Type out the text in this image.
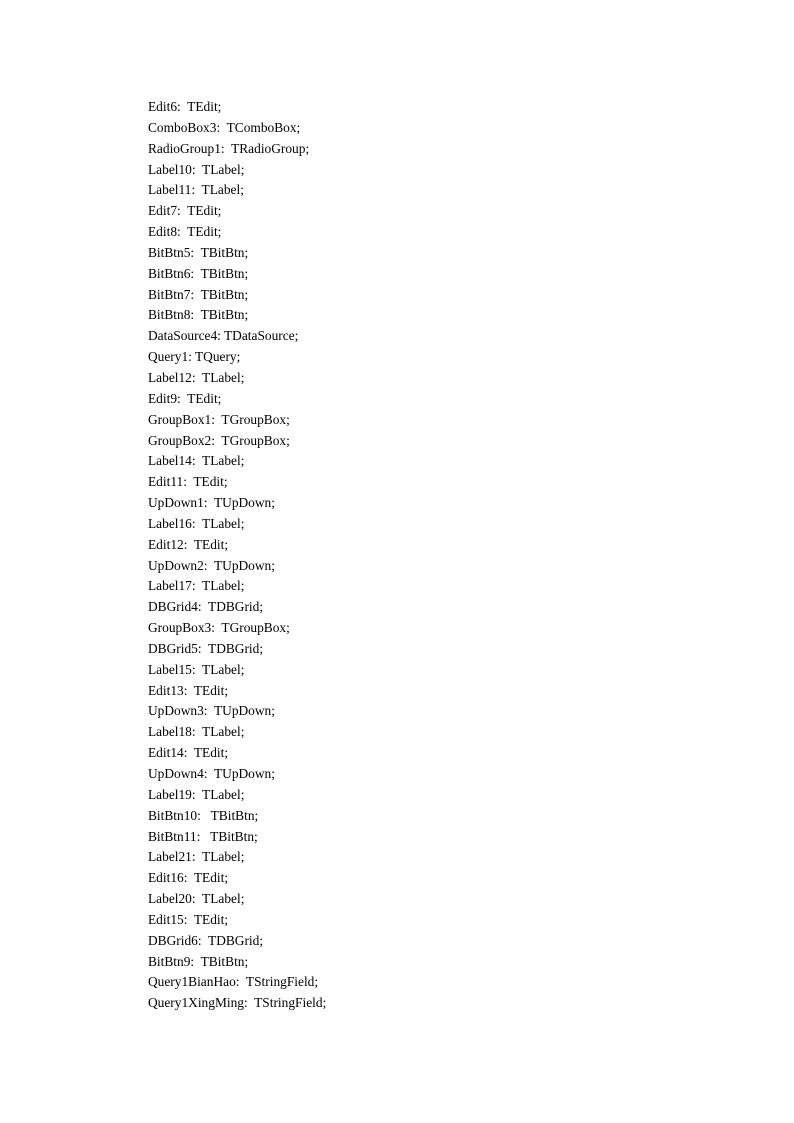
Edit6:  TEdit;
ComboBox3:  TComboBox;
RadioGroup1:  TRadioGroup;
Label10:  TLabel;
Label11:  TLabel;
Edit7:  TEdit;
Edit8:  TEdit;
BitBtn5:  TBitBtn;
BitBtn6:  TBitBtn;
BitBtn7:  TBitBtn;
BitBtn8:  TBitBtn;
DataSource4: TDataSource;
Query1: TQuery;
Label12:  TLabel;
Edit9:  TEdit;
GroupBox1:  TGroupBox;
GroupBox2:  TGroupBox;
Label14:  TLabel;
Edit11:  TEdit;
UpDown1:  TUpDown;
Label16:  TLabel;
Edit12:  TEdit;
UpDown2:  TUpDown;
Label17:  TLabel;
DBGrid4:  TDBGrid;
GroupBox3:  TGroupBox;
DBGrid5:  TDBGrid;
Label15:  TLabel;
Edit13:  TEdit;
UpDown3:  TUpDown;
Label18:  TLabel;
Edit14:  TEdit;
UpDown4:  TUpDown;
Label19:  TLabel;
BitBtn10:   TBitBtn;
BitBtn11:   TBitBtn;
Label21:  TLabel;
Edit16:  TEdit;
Label20:  TLabel;
Edit15:  TEdit;
DBGrid6:  TDBGrid;
BitBtn9:  TBitBtn;
Query1BianHao:  TStringField;
Query1XingMing:  TStringField;
